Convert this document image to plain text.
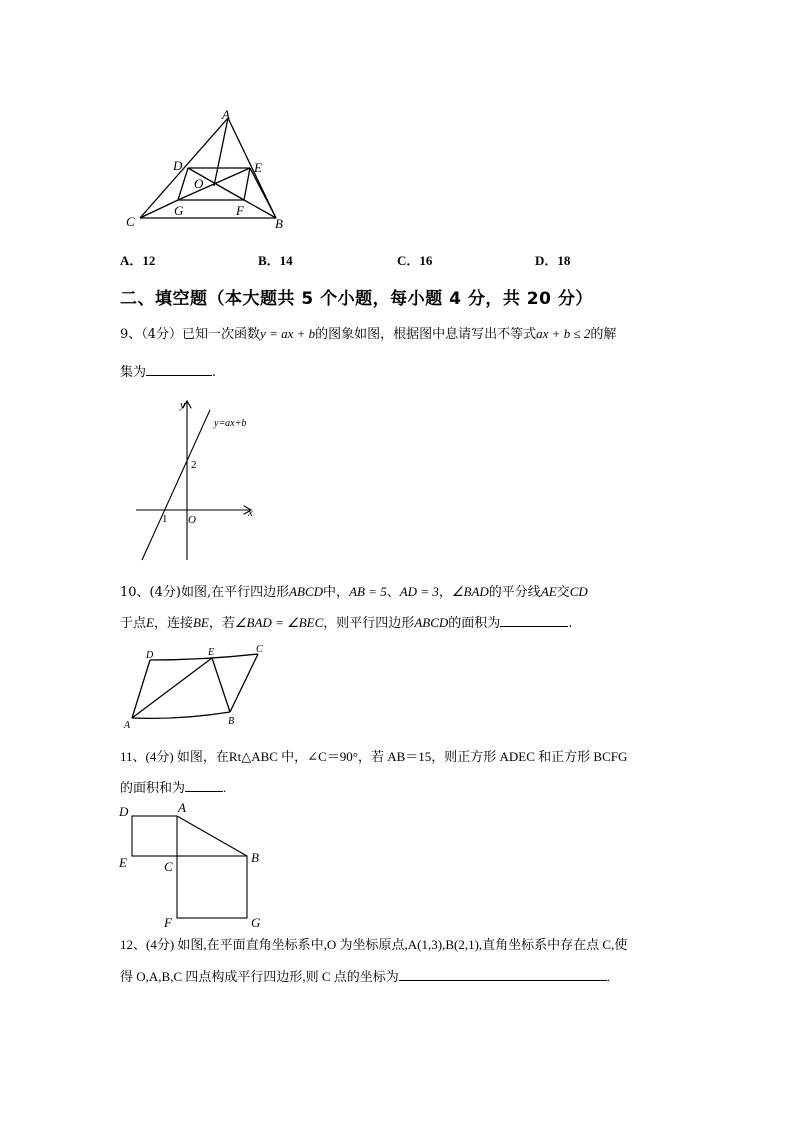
A
D	E
O
C
G	F
B
A．12	B．14	C．16	D．18
二、填空题（本大题共 5 个小题，每小题 4 分，共 20 分）
9、（4分）已知一次函数y = ax + b的图象如图，根据图中息请写出不等式ax + b ≤ 2的解
集为	.
y
x
y=ax+b
2
1 O
10、(4分)如图,在平行四边形ABCD中，AB = 5、AD = 3，∠BAD的平分线AE交CD
于点E，连接BE，若∠BAD = ∠BEC，则平行四边形ABCD的面积为	.
D	E	C
A	B
11、(4分) 如图，在Rt△ABC 中，∠C＝90°，若 AB＝15，则正方形 ADEC 和正方形 BCFG
的面积和为	.
D	A
E	C
B
F	G
12、(4分) 如图,在平面直角坐标系中,O 为坐标原点,A(1,3),B(2,1),直角坐标系中存在点 C,使
得 O,A,B,C 四点构成平行四边形,则 C 点的坐标为	.
